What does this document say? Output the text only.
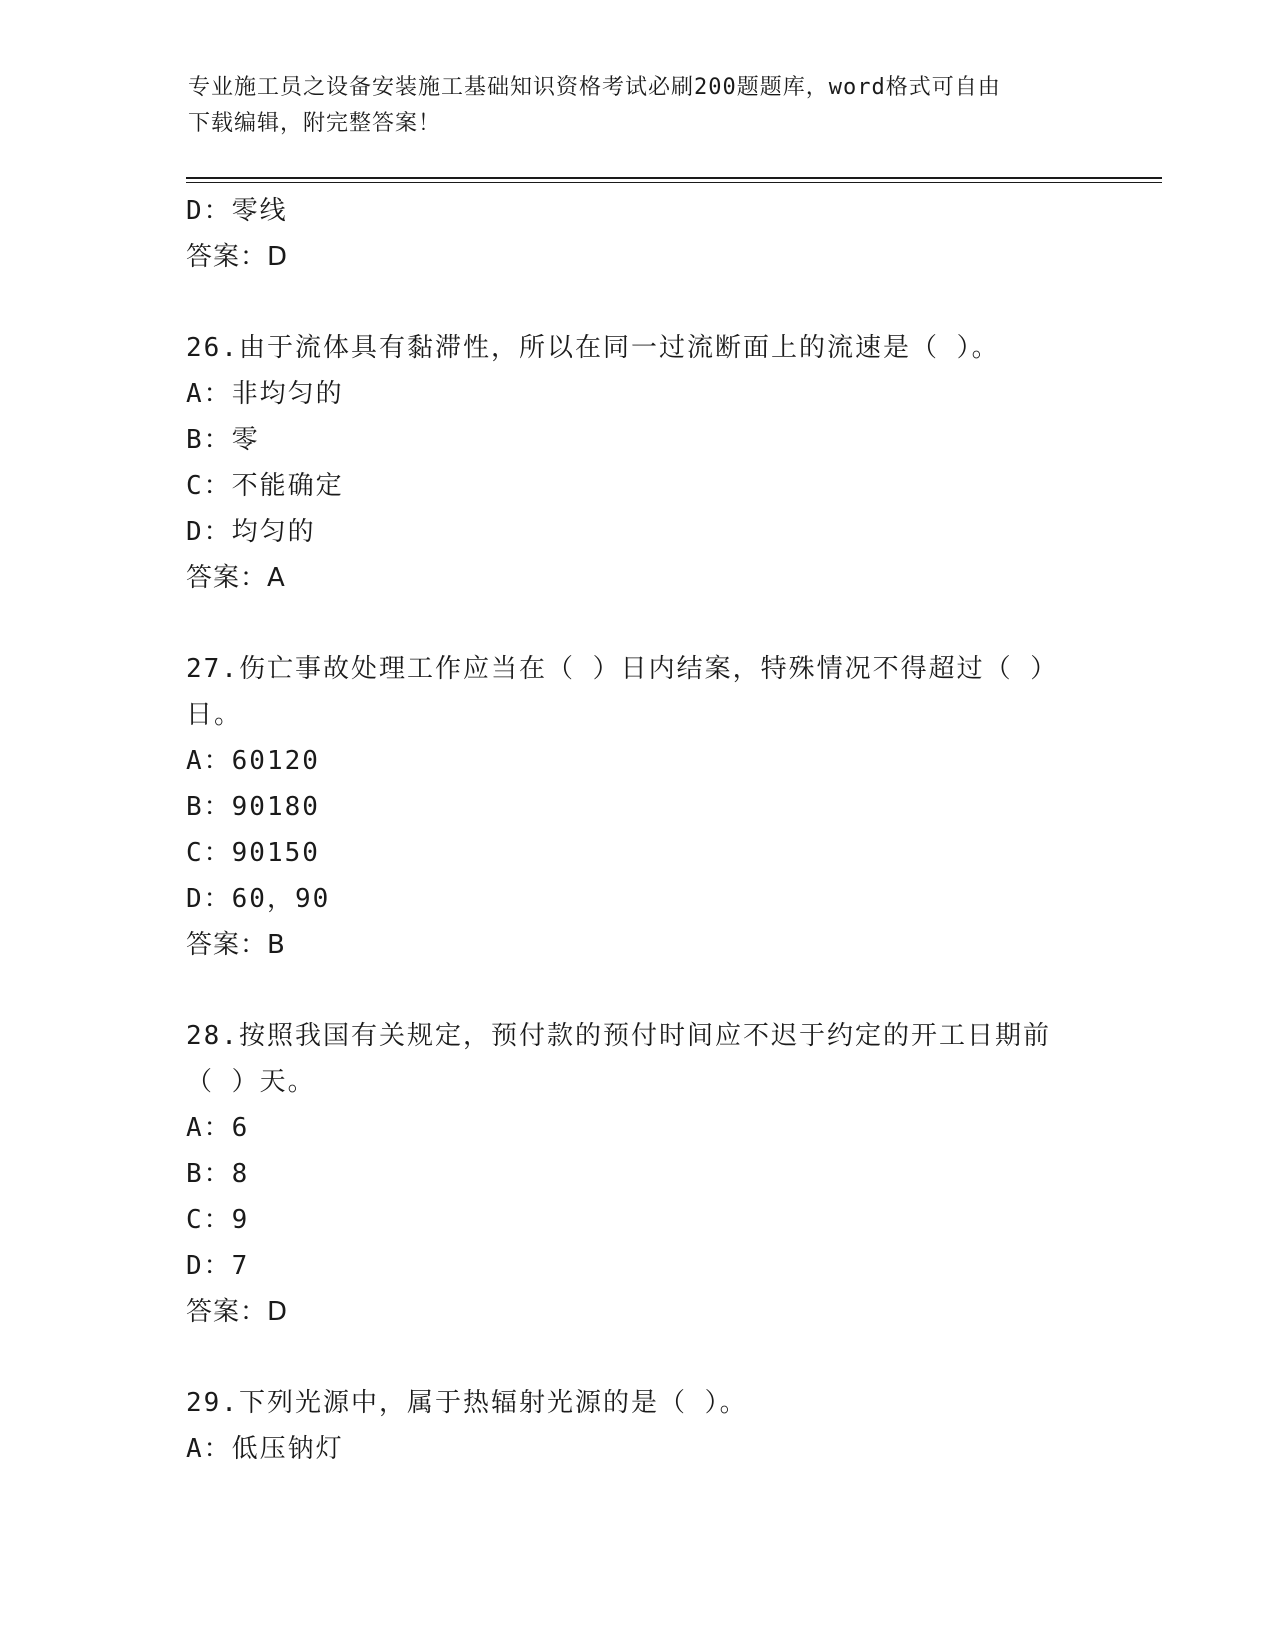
专业施工员之设备安装施工基础知识资格考试必刷200题题库，word格式可自由
下载编辑，附完整答案！
D：零线
答案：D
26.由于流体具有黏滞性，所以在同一过流断面上的流速是（ ）。
A：非均匀的
B：零
C：不能确定
D：均匀的
答案：A
27.伤亡事故处理工作应当在（ ）日内结案，特殊情况不得超过（ ）
日。
A：60120
B：90180
C：90150
D：60，90
答案：B
28.按照我国有关规定，预付款的预付时间应不迟于约定的开工日期前
（ ）天。
A：6
B：8
C：9
D：7
答案：D
29.下列光源中，属于热辐射光源的是（ ）。
A：低压钠灯
